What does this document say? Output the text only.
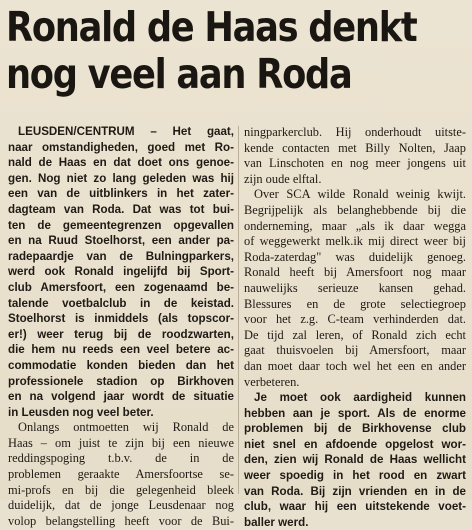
Ronald de Haas denkt
nog veel aan Roda
LEUSDEN/CENTRUM – Het gaat,
naar omstandigheden, goed met Ro-
nald de Haas en dat doet ons genoe-
gen. Nog niet zo lang geleden was hij
een van de uitblinkers in het zater-
dagteam van Roda. Dat was tot bui-
ten de gemeentegrenzen opgevallen
en na Ruud Stoelhorst, een ander pa-
radepaardje van de Bulningparkers,
werd ook Ronald ingelijfd bij Sport-
club Amersfoort, een zogenaamd be-
talende voetbalclub in de keistad.
Stoelhorst is inmiddels (als topscor-
er!) weer terug bij de roodzwarten,
die hem nu reeds een veel betere ac-
commodatie konden bieden dan het
professionele stadion op Birkhoven
en na volgend jaar wordt de situatie
in Leusden nog veel beter.
Onlangs ontmoetten wij Ronald de
Haas – om juist te zijn bij een nieuwe
reddingspoging t.b.v. de in de
problemen geraakte Amersfoortse se-
mi-profs en bij die gelegenheid bleek
duidelijk, dat de jonge Leusdenaar nog
volop belangstelling heeft voor de Bui-
ningparkerclub. Hij onderhoudt uitste-
kende contacten met Billy Nolten, Jaap
van Linschoten en nog meer jongens uit
zijn oude elftal.
Over SCA wilde Ronald weinig kwijt.
Begrijpelijk als belanghebbende bij die
onderneming, maar „als ik daar wegga
of weggewerkt melk.ik mij direct weer bij
Roda-zaterdag" was duidelijk genoeg.
Ronald heeft bij Amersfoort nog maar
nauwelijks serieuze kansen gehad.
Blessures en de grote selectiegroep
voor het z.g. C-team verhinderden dat.
De tijd zal leren, of Ronald zich echt
gaat thuisvoelen bij Amersfoort, maar
dan moet daar toch wel het een en ander
verbeteren.
Je moet ook aardigheid kunnen
hebben aan je sport. Als de enorme
problemen bij de Birkhovense club
niet snel en afdoende opgelost wor-
den, zien wij Ronald de Haas wellicht
weer spoedig in het rood en zwart
van Roda. Bij zijn vrienden en in de
club, waar hij een uitstekende voet-
baller werd.
